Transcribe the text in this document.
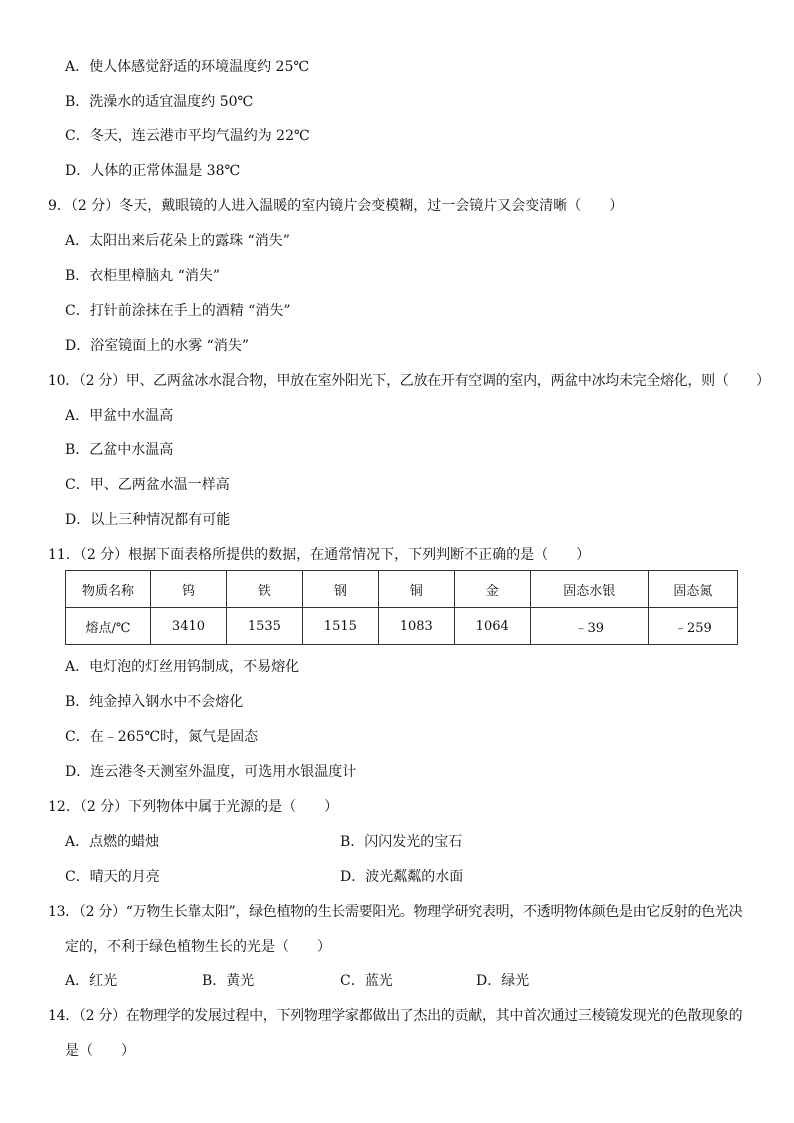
A．使人体感觉舒适的环境温度约 25℃
B．洗澡水的适宜温度约 50℃
C．冬天，连云港市平均气温约为 22℃
D．人体的正常体温是 38℃
9．（2 分）冬天，戴眼镜的人进入温暖的室内镜片会变模糊，过一会镜片又会变清晰（　　）
A．太阳出来后花朵上的露珠 “消失”
B．衣柜里樟脑丸 “消失”
C．打针前涂抹在手上的酒精 “消失”
D．浴室镜面上的水雾 “消失”
10．（2 分）甲、乙两盆冰水混合物，甲放在室外阳光下，乙放在开有空调的室内，两盆中冰均未完全熔化，则（　　）
A．甲盆中水温高
B．乙盆中水温高
C．甲、乙两盆水温一样高
D．以上三种情况都有可能
11．（2 分）根据下面表格所提供的数据，在通常情况下，下列判断不正确的是（　　）
物质名称	钨	铁	钢	铜	金	固态水银	固态氮
熔点/℃	3410	1535	1515	1083	1064	﹣39	﹣259
A．电灯泡的灯丝用钨制成，不易熔化
B．纯金掉入钢水中不会熔化
C．在﹣265℃时，氮气是固态
D．连云港冬天测室外温度，可选用水银温度计
12．（2 分）下列物体中属于光源的是（　　）
A．点燃的蜡烛	B．闪闪发光的宝石
C．晴天的月亮	D．波光粼粼的水面
13．（2 分）“万物生长靠太阳”，绿色植物的生长需要阳光。物理学研究表明，不透明物体颜色是由它反射的色光决
定的，不利于绿色植物生长的光是（　　）
A．红光	B．黄光	C．蓝光	D．绿光
14．（2 分）在物理学的发展过程中，下列物理学家都做出了杰出的贡献，其中首次通过三棱镜发现光的色散现象的
是（　　）
